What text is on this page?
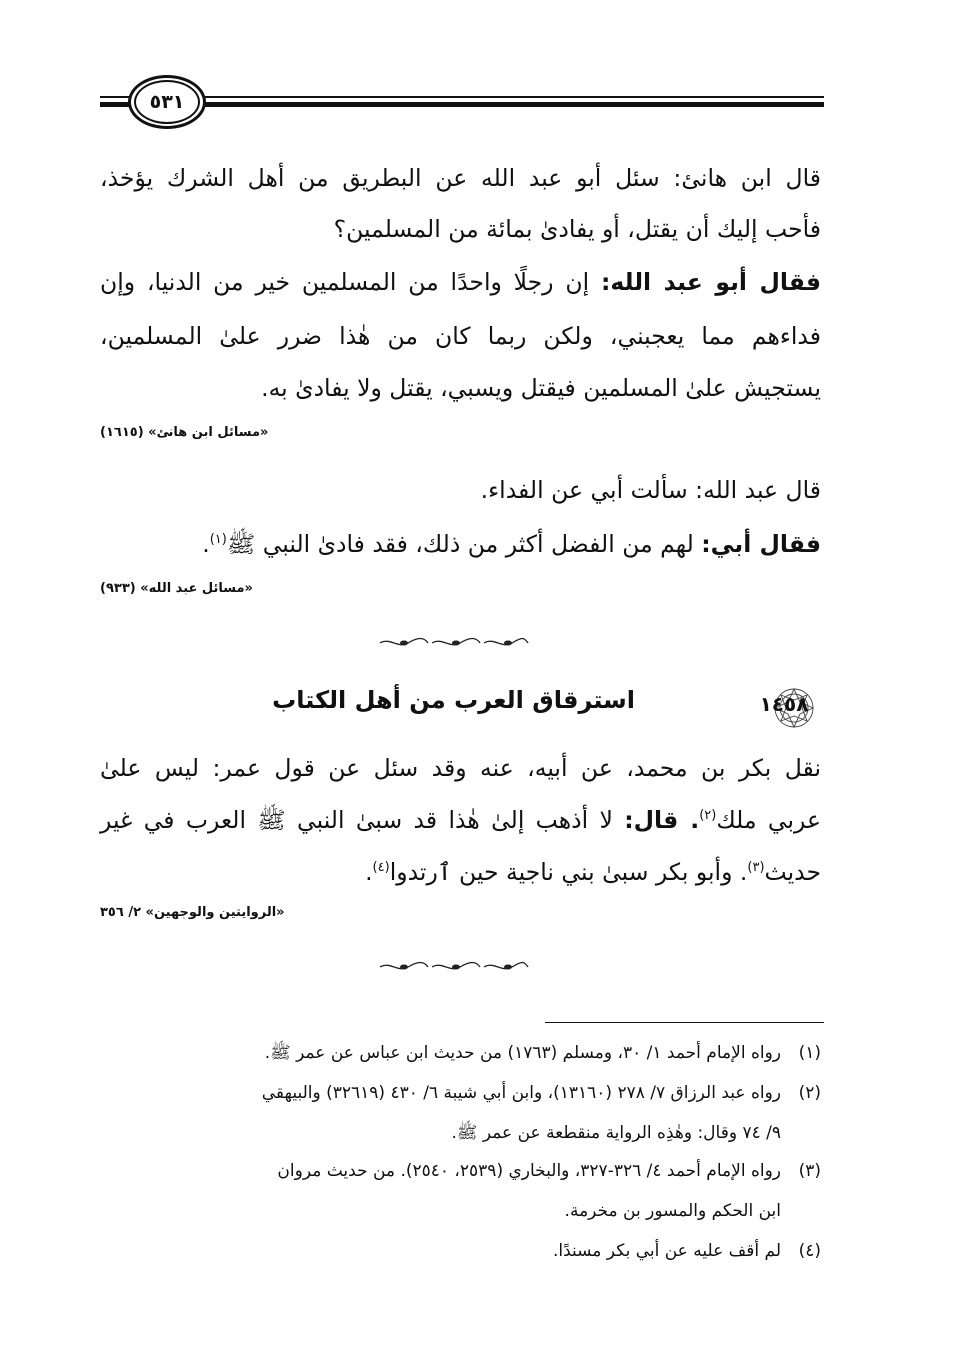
٥٣١
قال ابن هانئ: سئل أبو عبد الله عن البطريق من أهل الشرك يؤخذ،
فأحب إليك أن يقتل، أو يفادىٰ بمائة من المسلمين؟
فقال أبو عبد الله: إن رجلًا واحدًا من المسلمين خير من الدنيا، وإن
فداءهم مما يعجبني، ولكن ربما كان من هٰذا ضرر علىٰ المسلمين،
يستجيش علىٰ المسلمين فيقتل ويسبي، يقتل ولا يفادىٰ به.
«مسائل ابن هانئ» (١٦١٥)
قال عبد الله: سألت أبي عن الفداء.
فقال أبي: لهم من الفضل أكثر من ذلك، فقد فادىٰ النبي ﷺ$^{(١)}$.
«مسائل عبد الله» (٩٣٣)
١٤٥٨
استرقاق العرب من أهل الكتاب
نقل بكر بن محمد، عن أبيه، عنه وقد سئل عن قول عمر: ليس علىٰ
عربي ملك$^{(٢)}$. قال: لا أذهب إلىٰ هٰذا قد سبىٰ النبي ﷺ العرب في غير
حديث$^{(٣)}$. وأبو بكر سبىٰ بني ناجية حين ٱرتدوا$^{(٤)}$.
«الروايتين والوجهين» ٢/ ٣٥٦
(١)
رواه الإمام أحمد ١/ ٣٠، ومسلم (١٧٦٣) من حديث ابن عباس عن عمر ﷺ.
(٢)
رواه عبد الرزاق ٧/ ٢٧٨ (١٣١٦٠)، وابن أبي شيبة ٦/ ٤٣٠ (٣٢٦١٩) والبيهقي
٩/ ٧٤ وقال: وهٰذِه الرواية منقطعة عن عمر ﷺ.
(٣)
رواه الإمام أحمد ٤/ ٣٢٦-٣٢٧، والبخاري (٢٥٣٩، ٢٥٤٠). من حديث مروان
ابن الحكم والمسور بن مخرمة.
(٤)
لم أقف عليه عن أبي بكر مسندًا.
